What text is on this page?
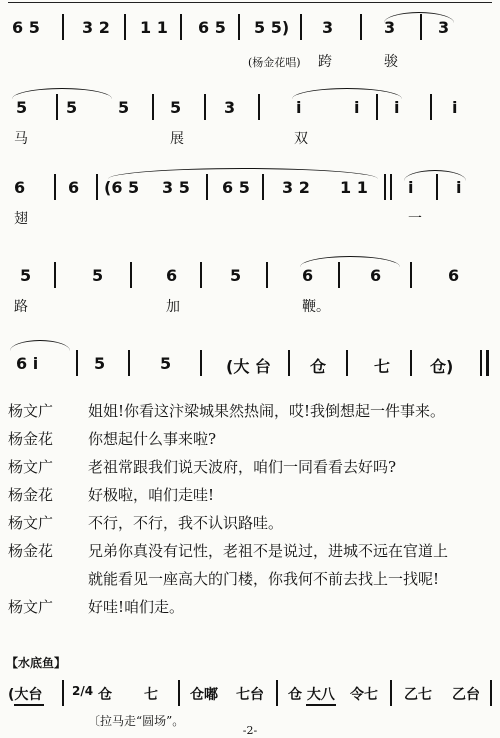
6 5	3 2 1 1 6 5 5 5) 3	3	3
(杨金花唱) 跨	骏
5 5	5	5	3	i	i i	i
马	展	双
6	6 (6 5 3 5 6 5 3 2 1 1	i	i
翅	一
5	5	6	5	6	6	6
路	加	鞭。
6 i	5	5	(大 台 仓	七 仓)
杨文广	姐姐!你看这汴梁城果然热闹，哎!我倒想起一件事来。
杨金花	你想起什么事来啦?
杨文广	老祖常跟我们说天波府，咱们一同看看去好吗?
杨金花	好极啦，咱们走哇!
杨文广	不行，不行，我不认识路哇。
杨金花	兄弟你真没有记性，老祖不是说过，进城不远在官道上
就能看见一座高大的门楼，你我何不前去找上一找呢!
杨文广	好哇!咱们走。
【水底鱼】
(大台 2/4 仓 七 仓嘟 七台 仓 大八 令七 乙七 乙台
〔拉马走“圆场”。
-2-
